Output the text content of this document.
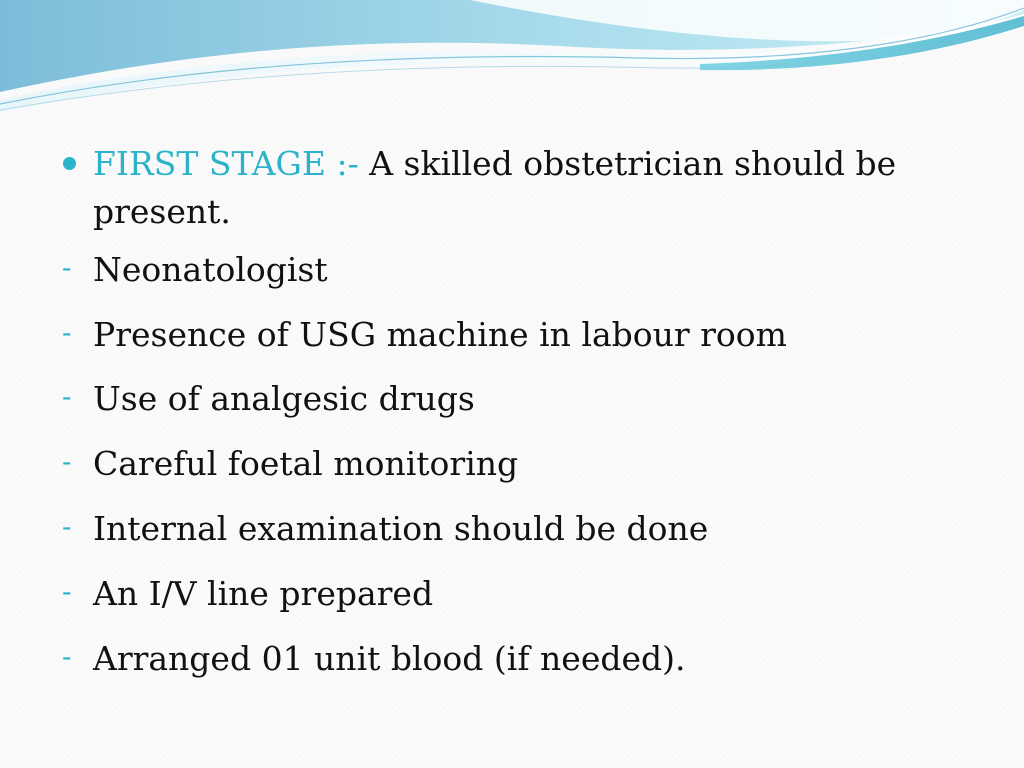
FIRST STAGE :- A skilled obstetrician should be present.
- Neonatologist
- Presence of USG machine in labour room
- Use of analgesic drugs
- Careful foetal monitoring
- Internal examination should be done
- An I/V line prepared
- Arranged 01 unit blood (if needed).
